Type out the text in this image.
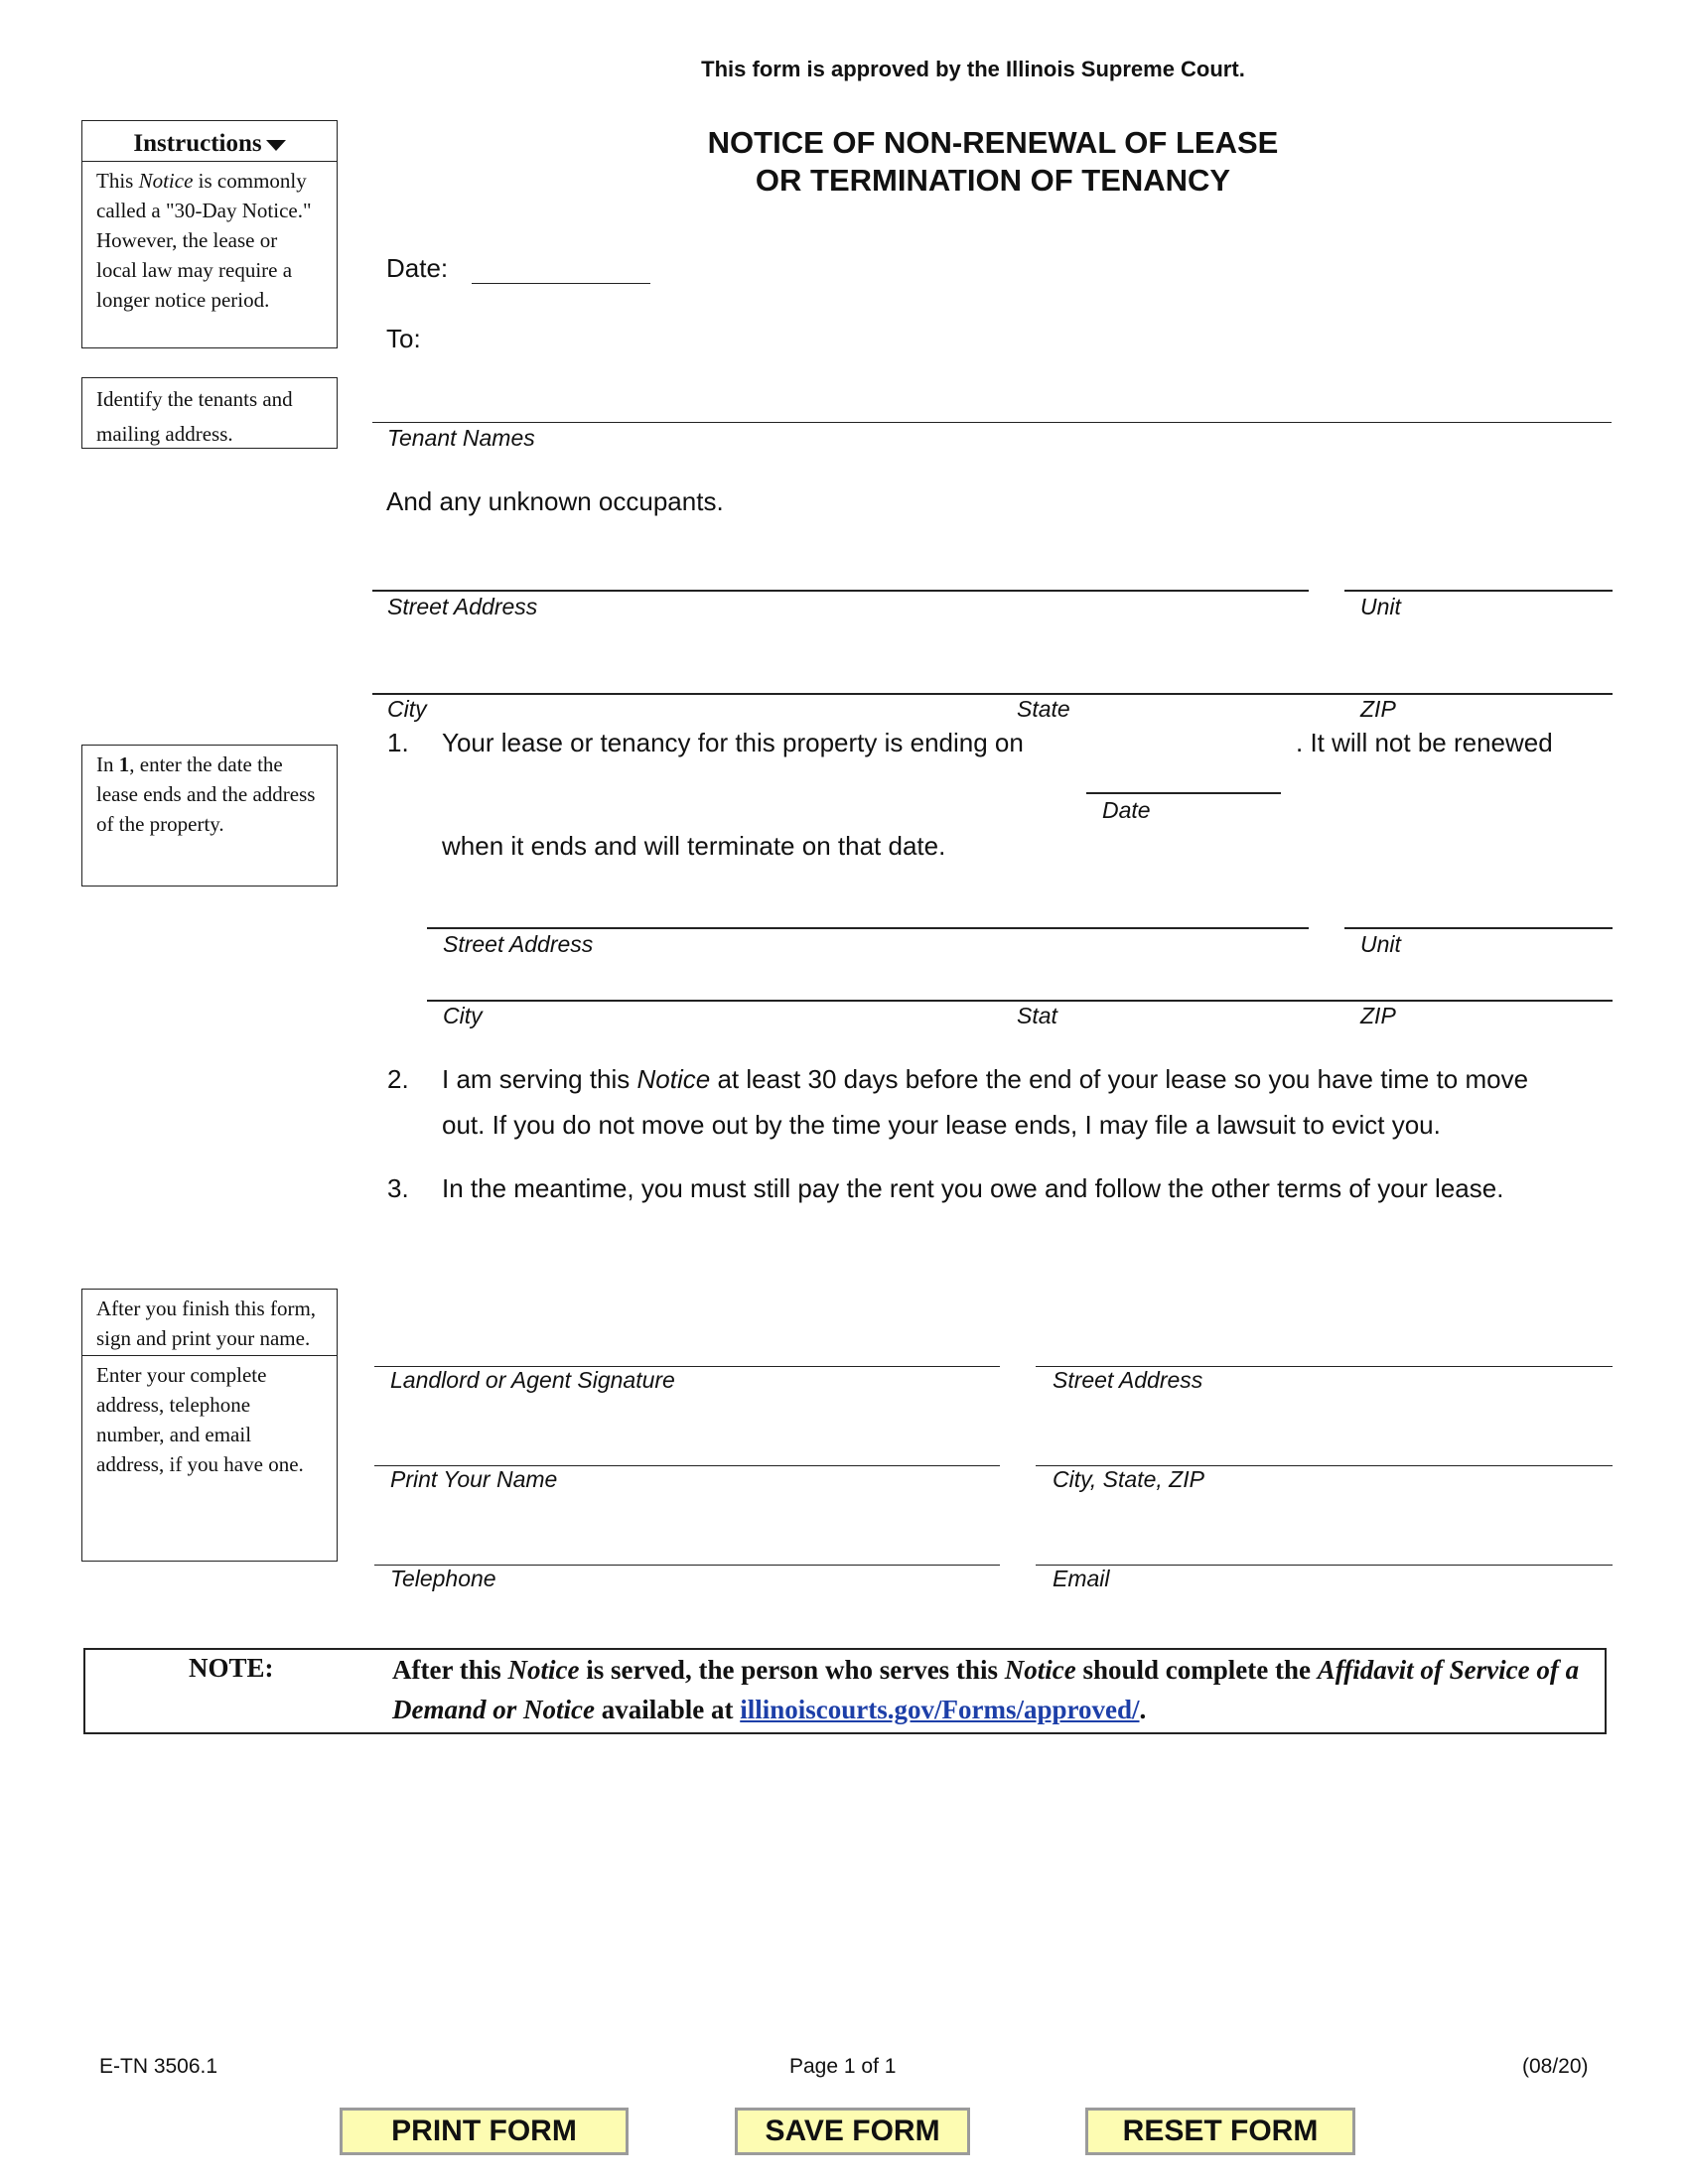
This form is approved by the Illinois Supreme Court.
NOTICE OF NON-RENEWAL OF LEASE
OR TERMINATION OF TENANCY
Instructions
This Notice is commonly called a "30-Day Notice." However, the lease or local law may require a longer notice period.
Identify the tenants and mailing address.
In 1, enter the date the lease ends and the address of the property.
After you finish this form, sign and print your name.
Enter your complete address, telephone number, and email address, if you have one.
Date:
To:
Tenant Names
And any unknown occupants.
Street Address	Unit
City	State	ZIP
1. Your lease or tenancy for this property is ending on	. It will not be renewed
Date
when it ends and will terminate on that date.
Street Address	Unit
City	Stat	ZIP
2. I am serving this Notice at least 30 days before the end of your lease so you have time to move
out. If you do not move out by the time your lease ends, I may file a lawsuit to evict you.
3. In the meantime, you must still pay the rent you owe and follow the other terms of your lease.
Landlord or Agent Signature	Street Address
Print Your Name	City, State, ZIP
Telephone	Email
NOTE:	After this Notice is served, the person who serves this Notice should complete the Affidavit of Service of a Demand or Notice available at illinoiscourts.gov/Forms/approved/.
E-TN 3506.1	Page 1 of 1	(08/20)
PRINT FORM	SAVE FORM	RESET FORM
